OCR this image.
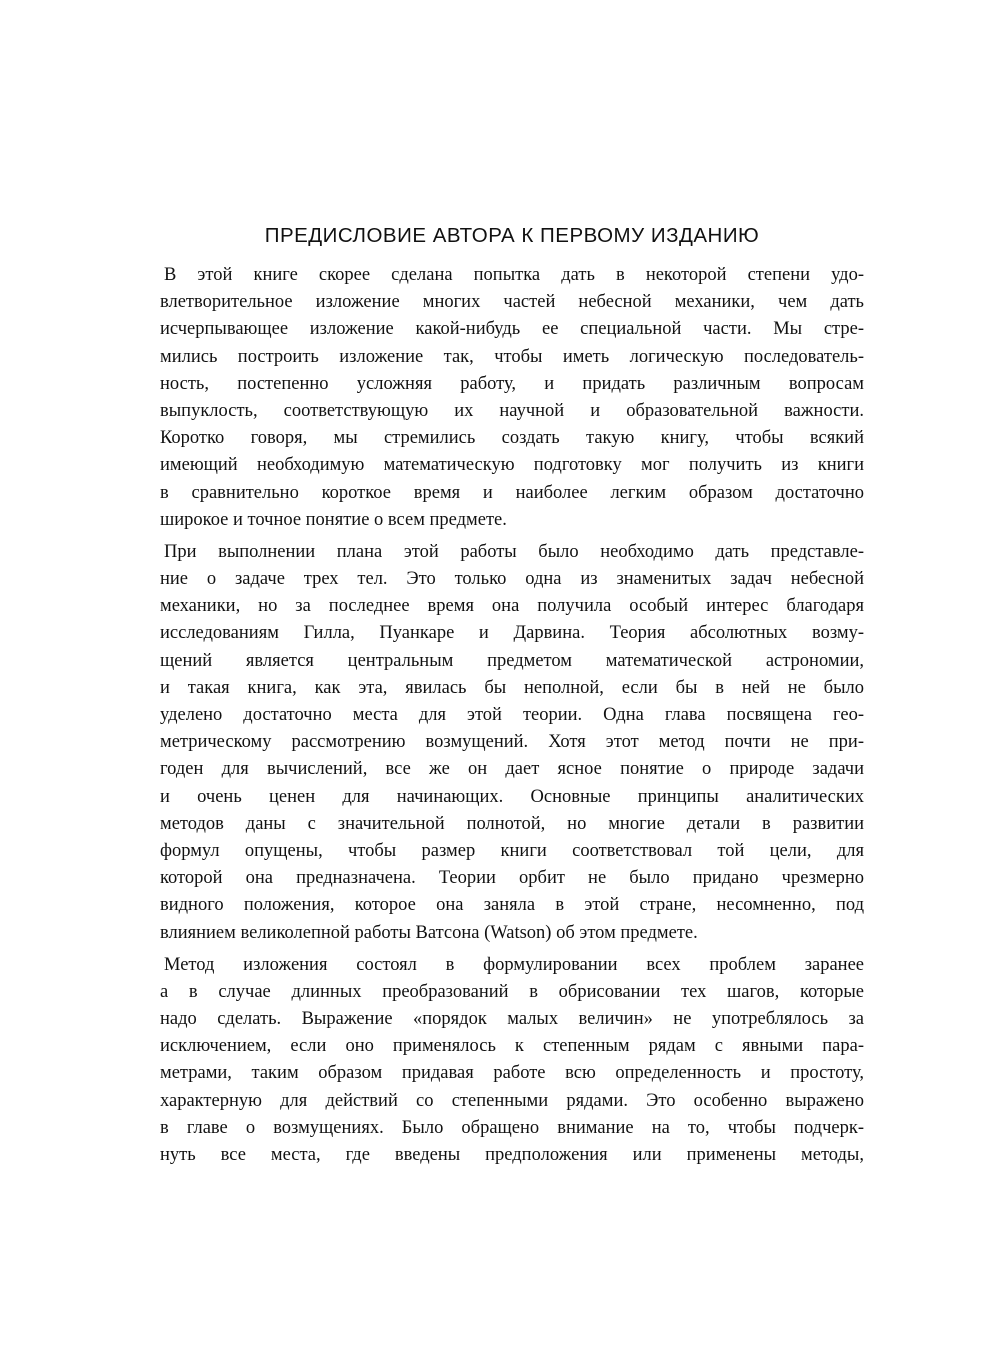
ПРЕДИСЛОВИЕ АВТОРА К ПЕРВОМУ ИЗДАНИЮ
В этой книге скорее сделана попытка дать в некоторой степени удо-
влетворительное изложение многих частей небесной механики, чем дать
исчерпывающее изложение какой-нибудь ее специальной части. Мы стре-
мились построить изложение так, чтобы иметь логическую последователь-
ность, постепенно усложняя работу, и придать различным вопросам
выпуклость, соответствующую их научной и образовательной важности.
Коротко говоря, мы стремились создать такую книгу, чтобы всякий
имеющий необходимую математическую подготовку мог получить из книги
в сравнительно короткое время и наиболее легким образом достаточно
широкое и точное понятие о всем предмете.
При выполнении плана этой работы было необходимо дать представле-
ние о задаче трех тел. Это только одна из знаменитых задач небесной
механики, но за последнее время она получила особый интерес благодаря
исследованиям Гилла, Пуанкаре и Дарвина. Теория абсолютных возму-
щений является центральным предметом математической астрономии,
и такая книга, как эта, явилась бы неполной, если бы в ней не было
уделено достаточно места для этой теории. Одна глава посвящена гео-
метрическому рассмотрению возмущений. Хотя этот метод почти не при-
годен для вычислений, все же он дает ясное понятие о природе задачи
и очень ценен для начинающих. Основные принципы аналитических
методов даны с значительной полнотой, но многие детали в развитии
формул опущены, чтобы размер книги соответствовал той цели, для
которой она предназначена. Теории орбит не было придано чрезмерно
видного положения, которое она заняла в этой стране, несомненно, под
влиянием великолепной работы Ватсона (Watson) об этом предмете.
Метод изложения состоял в формулировании всех проблем заранее
а в случае длинных преобразований в обрисовании тех шагов, которые
надо сделать. Выражение «порядок малых величин» не употреблялось за
исключением, если оно применялось к степенным рядам с явными пара-
метрами, таким образом придавая работе всю определенность и простоту,
характерную для действий со степенными рядами. Это особенно выражено
в главе о возмущениях. Было обращено внимание на то, чтобы подчерк-
нуть все места, где введены предположения или применены методы,
